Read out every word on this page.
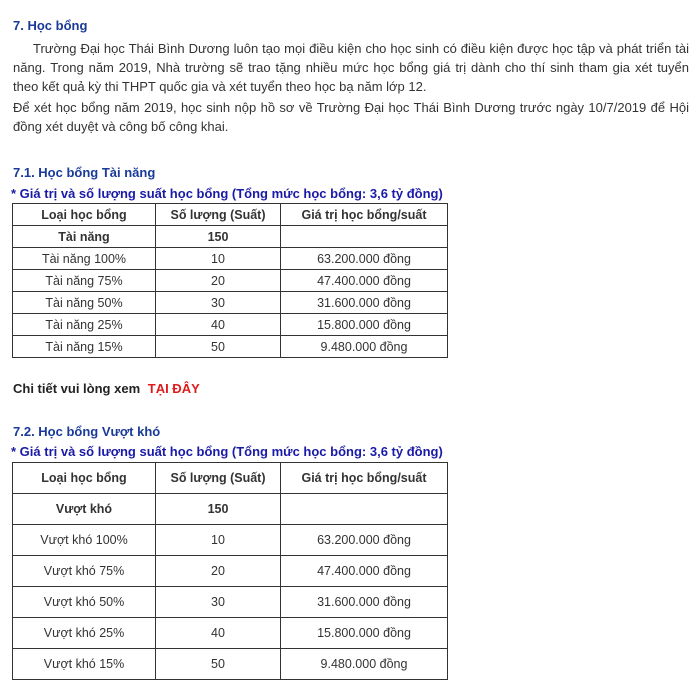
7. Học bổng

Trường Đại học Thái Bình Dương luôn tạo mọi điều kiện cho học sinh có điều kiện được học tập và phát triển tài năng. Trong năm 2019, Nhà trường sẽ trao tặng nhiều mức học bổng giá trị dành cho thí sinh tham gia xét tuyển theo kết quả kỳ thi THPT quốc gia và xét tuyển theo học bạ năm lớp 12.

Để xét học bổng năm 2019, học sinh nộp hồ sơ về Trường Đại học Thái Bình Dương trước ngày 10/7/2019 để Hội đồng xét duyệt và công bố công khai.

7.1. Học bổng Tài năng
* Giá trị và số lượng suất học bổng (Tổng mức học bổng: 3,6 tỷ đồng)
Loại học bổng	Số lượng (Suất)	Giá trị học bổng/suất
Tài năng	150	
Tài năng 100%	10	63.200.000 đồng
Tài năng 75%	20	47.400.000 đồng
Tài năng 50%	30	31.600.000 đồng
Tài năng 25%	40	15.800.000 đồng
Tài năng 15%	50	9.480.000 đồng
Chi tiết vui lòng xem TẠI ĐÂY
7.2. Học bổng Vượt khó
* Giá trị và số lượng suất học bổng (Tổng mức học bổng: 3,6 tỷ đồng)
Loại học bổng	Số lượng (Suất)	Giá trị học bổng/suất
Vượt khó	150	
Vượt khó 100%	10	63.200.000 đồng
Vượt khó 75%	20	47.400.000 đồng
Vượt khó 50%	30	31.600.000 đồng
Vượt khó 25%	40	15.800.000 đồng
Vượt khó 15%	50	9.480.000 đồng
